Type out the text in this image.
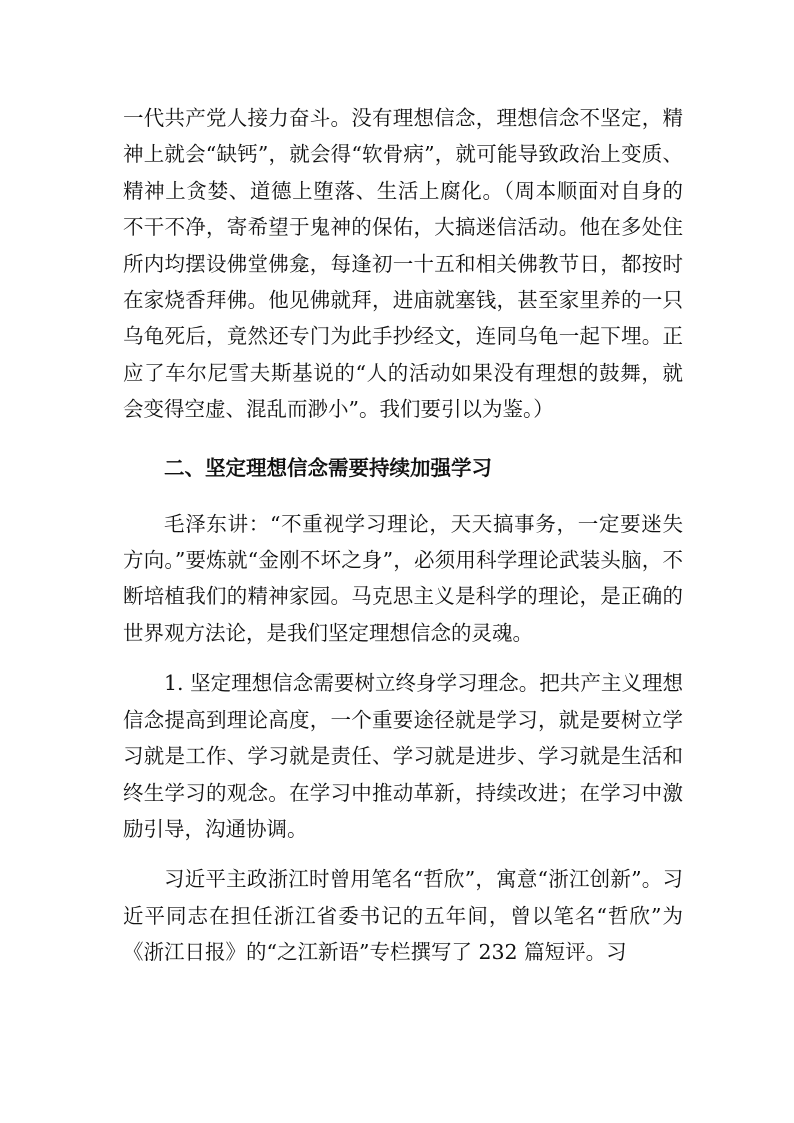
一代共产党人接力奋斗。没有理想信念，理想信念不坚定，精神上就会“缺钙”，就会得“软骨病”，就可能导致政治上变质、精神上贪婪、道德上堕落、生活上腐化。（周本顺面对自身的不干不净，寄希望于鬼神的保佑，大搞迷信活动。他在多处住所内均摆设佛堂佛龛，每逢初一十五和相关佛教节日，都按时在家烧香拜佛。他见佛就拜，进庙就塞钱，甚至家里养的一只乌龟死后，竟然还专门为此手抄经文，连同乌龟一起下埋。正应了车尔尼雪夫斯基说的“人的活动如果没有理想的鼓舞，就会变得空虚、混乱而渺小”。我们要引以为鉴。）

二、坚定理想信念需要持续加强学习

毛泽东讲：“不重视学习理论，天天搞事务，一定要迷失方向。”要炼就“金刚不坏之身”，必须用科学理论武装头脑，不断培植我们的精神家园。马克思主义是科学的理论，是正确的世界观方法论，是我们坚定理想信念的灵魂。

1. 坚定理想信念需要树立终身学习理念。把共产主义理想信念提高到理论高度，一个重要途径就是学习，就是要树立学习就是工作、学习就是责任、学习就是进步、学习就是生活和终生学习的观念。在学习中推动革新，持续改进；在学习中激励引导，沟通协调。

习近平主政浙江时曾用笔名“哲欣”，寓意“浙江创新”。习近平同志在担任浙江省委书记的五年间，曾以笔名“哲欣”为《浙江日报》的“之江新语”专栏撰写了 232 篇短评。习
